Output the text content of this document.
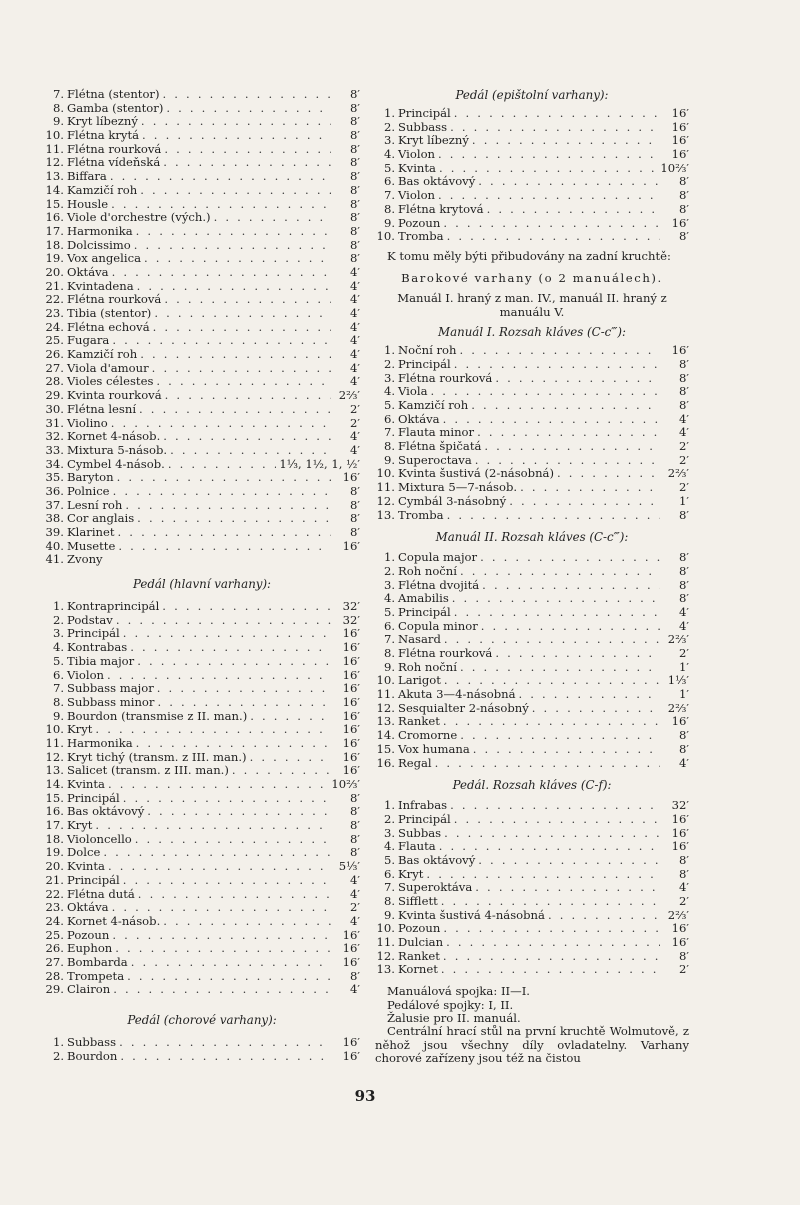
7. Flétna (stentor) . . .	8′
8. Gamba (stentor) . . .	8′
9. Kryt líbezný . . .	8′
10. Flétna krytá . . .	8′
11. Flétna rourková . . .	8′
12. Flétna vídeňská . . .	8′
13. Biffara . . .	8′
14. Kamzičí roh . . .	8′
15. Housle . . .	8′
16. Viole d'orchestre (vých.) . . .	8′
17. Harmonika . . .	8′
18. Dolcissimo . . .	8′
19. Vox angelica . . .	8′
20. Oktáva . . .	4′
21. Kvintadena . . .	4′
22. Flétna rourková . . .	4′
23. Tibia (stentor) . . .	4′
24. Flétna echová . . .	4′
25. Fugara . . .	4′
26. Kamzičí roh . . .	4′
27. Viola d'amour . . .	4′
28. Violes célestes . . .	4′
29. Kvinta rourková . . .	2⅔′
30. Flétna lesní . . .	2′
31. Violino . . .	2′
32. Kornet 4-násob. . . .	4′
33. Mixtura 5-násob. . . .	4′
34. Cymbel 4-násob. . . .	1⅓, 1½, 1, ½′
35. Baryton . . .	16′
36. Polnice . . .	8′
37. Lesní roh . . .	8′
38. Cor anglais . . .	8′
39. Klarinet . . .	8′
40. Musette . . .	16′
41. Zvony
Pedál (hlavní varhany):
1. Kontraprincipál . . .	32′
2. Podstav . . .	32′
3. Principál . . .	16′
4. Kontrabas . . .	16′
5. Tibia major . . .	16′
6. Violon . . .	16′
7. Subbass major . . .	16′
8. Subbass minor . . .	16′
9. Bourdon (transmise z II. man.) . . .	16′
10. Kryt . . .	16′
11. Harmonika . . .	16′
12. Kryt tichý (transm. z III. man.) . . .	16′
13. Salicet (transm. z III. man.) . . .	16′
14. Kvinta . . .	10⅔′
15. Principál . . .	8′
16. Bas oktávový . . .	8′
17. Kryt . . .	8′
18. Violoncello . . .	8′
19. Dolce . . .	8′
20. Kvinta . . .	5⅓′
21. Principál . . .	4′
22. Flétna dutá . . .	4′
23. Oktáva . . .	2′
24. Kornet 4-násob. . . .	4′
25. Pozoun . . .	16′
26. Euphon . . .	16′
27. Bombarda . . .	16′
28. Trompeta . . .	8′
29. Clairon . . .	4′
Pedál (chorové varhany):
1. Subbass . . .	16′
2. Bourdon . . .	16′
Pedál (epištolní varhany):
1. Principál . . .	16′
2. Subbass . . .	16′
3. Kryt líbezný . . .	16′
4. Violon . . .	16′
5. Kvinta . . .	10⅔′
6. Bas oktávový . . .	8′
7. Violon . . .	8′
8. Flétna krytová . . .	8′
9. Pozoun . . .	16′
10. Tromba . . .	8′
K tomu měly býti přibudovány na zadní kruchtě:
Barokové varhany (o 2 manuálech).
Manuál I. hraný z man. IV., manuál II. hraný z manuálu V.
Manuál I. Rozsah kláves (C-c‴):
1. Noční roh . . .	16′
2. Principál . . .	8′
3. Flétna rourková . . .	8′
4. Viola . . .	8′
5. Kamzičí roh . . .	8′
6. Oktáva . . .	4′
7. Flauta minor . . .	4′
8. Flétna špičatá . . .	2′
9. Superoctava . . .	2′
10. Kvinta šustivá (2-násobná) . . .	2⅔′
11. Mixtura 5—7-násob. . . .	2′
12. Cymbál 3-násobný . . .	1′
13. Tromba . . .	8′
Manuál II. Rozsah kláves (C-c‴):
1. Copula major . . .	8′
2. Roh noční . . .	8′
3. Flétna dvojitá . . .	8′
4. Amabilis . . .	8′
5. Principál . . .	4′
6. Copula minor . . .	4′
7. Nasard . . .	2⅔′
8. Flétna rourková . . .	2′
9. Roh noční . . .	1′
10. Larigot . . .	1⅓′
11. Akuta 3—4-násobná . . .	1′
12. Sesquialter 2-násobný . . .	2⅔′
13. Ranket . . .	16′
14. Cromorne . . .	8′
15. Vox humana . . .	8′
16. Regal . . .	4′
Pedál. Rozsah kláves (C-f):
1. Infrabas . . .	32′
2. Principál . . .	16′
3. Subbas . . .	16′
4. Flauta . . .	16′
5. Bas oktávový . . .	8′
6. Kryt . . .	8′
7. Superoktáva . . .	4′
8. Sifflett . . .	2′
9. Kvinta šustivá 4-násobná . . .	2⅔′
10. Pozoun . . .	16′
11. Dulcian . . .	16′
12. Ranket . . .	8′
13. Kornet . . .	2′
Manuálová spojka: II—I.
Pedálové spojky: I, II.
Žalusie pro II. manuál.
Centrální hrací stůl na první kruchtě Wolmutově, z něhož jsou všechny díly ovladatelny. Varhany chorové zařízeny jsou též na čistou
93
